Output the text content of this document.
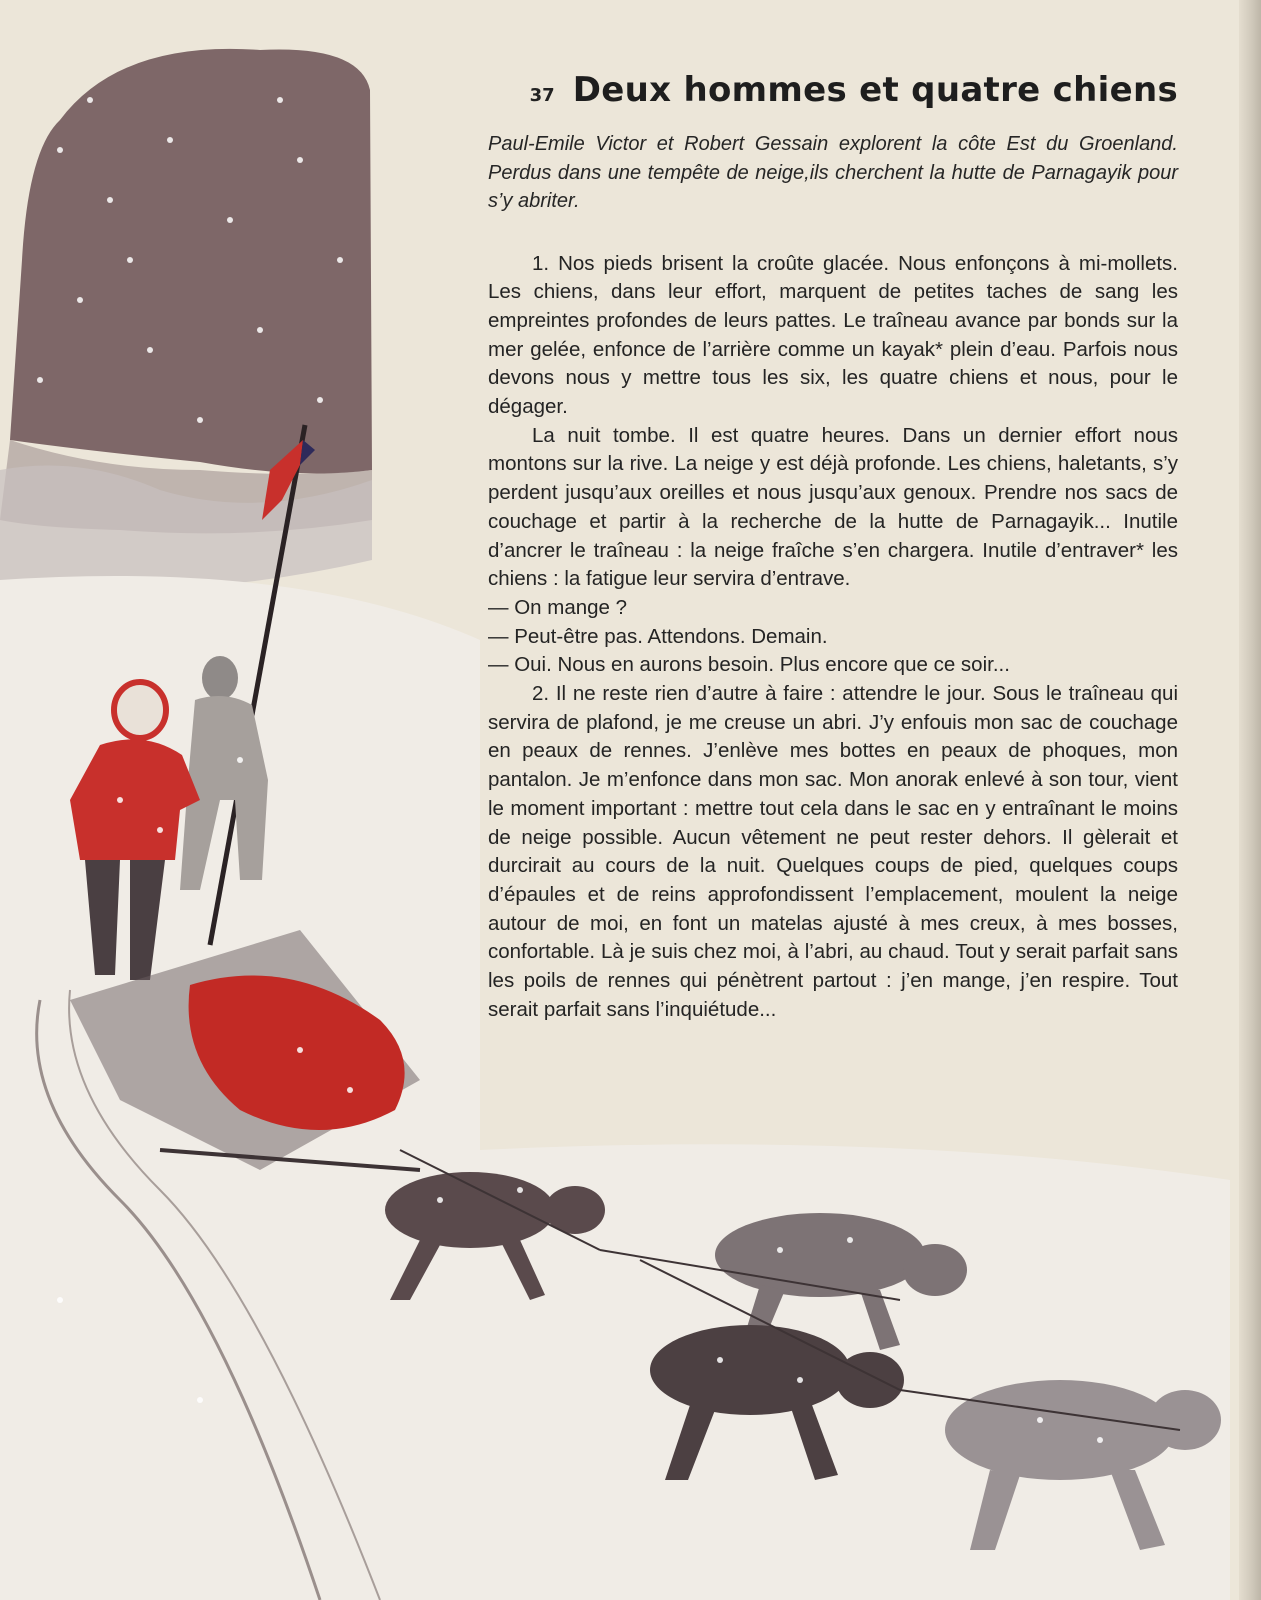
37 Deux hommes et quatre chiens

Paul-Emile Victor et Robert Gessain explorent la côte Est du Groenland. Perdus dans une tempête de neige,ils cherchent la hutte de Parnagayik pour s’y abriter.

1. Nos pieds brisent la croûte glacée. Nous enfonçons à mi-mollets. Les chiens, dans leur effort, marquent de petites taches de sang les empreintes profondes de leurs pattes. Le traîneau avance par bonds sur la mer gelée, enfonce de l’arrière comme un kayak* plein d’eau. Parfois nous devons nous y mettre tous les six, les quatre chiens et nous, pour le dégager.

La nuit tombe. Il est quatre heures. Dans un dernier effort nous montons sur la rive. La neige y est déjà profonde. Les chiens, haletants, s’y perdent jusqu’aux oreilles et nous jusqu’aux genoux. Prendre nos sacs de couchage et partir à la recherche de la hutte de Parnagayik... Inutile d’ancrer le traîneau : la neige fraîche s’en chargera. Inutile d’entraver* les chiens : la fatigue leur servira d’entrave.

— On mange ?

— Peut-être pas. Attendons. Demain.

— Oui. Nous en aurons besoin. Plus encore que ce soir...

2. Il ne reste rien d’autre à faire : attendre le jour. Sous le traîneau qui servira de plafond, je me creuse un abri. J’y enfouis mon sac de couchage en peaux de rennes. J’enlève mes bottes en peaux de phoques, mon pantalon. Je m’enfonce dans mon sac. Mon anorak enlevé à son tour, vient le moment important : mettre tout cela dans le sac en y entraînant le moins de neige possible. Aucun vêtement ne peut rester dehors. Il gèlerait et durcirait au cours de la nuit. Quelques coups de pied, quelques coups d’épaules et de reins approfondissent l’emplacement, moulent la neige autour de moi, en font un matelas ajusté à mes creux, à mes bosses, confortable. Là je suis chez moi, à l’abri, au chaud. Tout y serait parfait sans les poils de rennes qui pénètrent partout : j’en mange, j’en respire. Tout serait parfait sans l’inquiétude...
